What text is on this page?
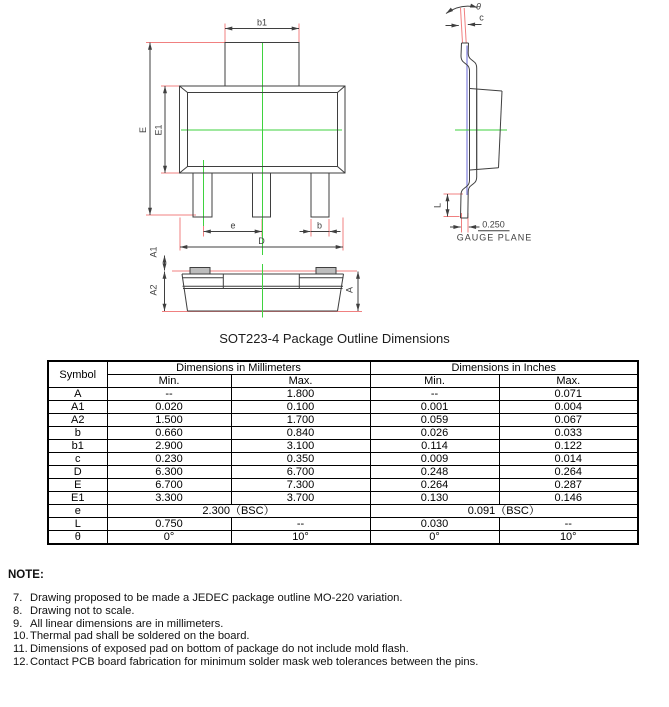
b1
E E1
e	b
D
A1
A2	A
θ
c
L
0.250
GAUGE PLANE
SOT223-4 Package Outline Dimensions
Symbol	Dimensions in Millimeters		Dimensions in Inches	
	Min.	Max.	Min.	Max.
A	--	1.800	--	0.071
A1	0.020	0.100	0.001	0.004
A2	1.500	1.700	0.059	0.067
b	0.660	0.840	0.026	0.033
b1	2.900	3.100	0.114	0.122
c	0.230	0.350	0.009	0.014
D	6.300	6.700	0.248	0.264
E	6.700	7.300	0.264	0.287
E1	3.300	3.700	0.130	0.146
e	2.300（BSC）		0.091（BSC）	
L	0.750	--	0.030	--
θ	0°	10°	0°	10°
NOTE:
7. Drawing proposed to be made a JEDEC package outline MO-220 variation.
8. Drawing not to scale.
9. All linear dimensions are in millimeters.
10. Thermal pad shall be soldered on the board.
11. Dimensions of exposed pad on bottom of package do not include mold flash.
12. Contact PCB board fabrication for minimum solder mask web tolerances between the pins.
